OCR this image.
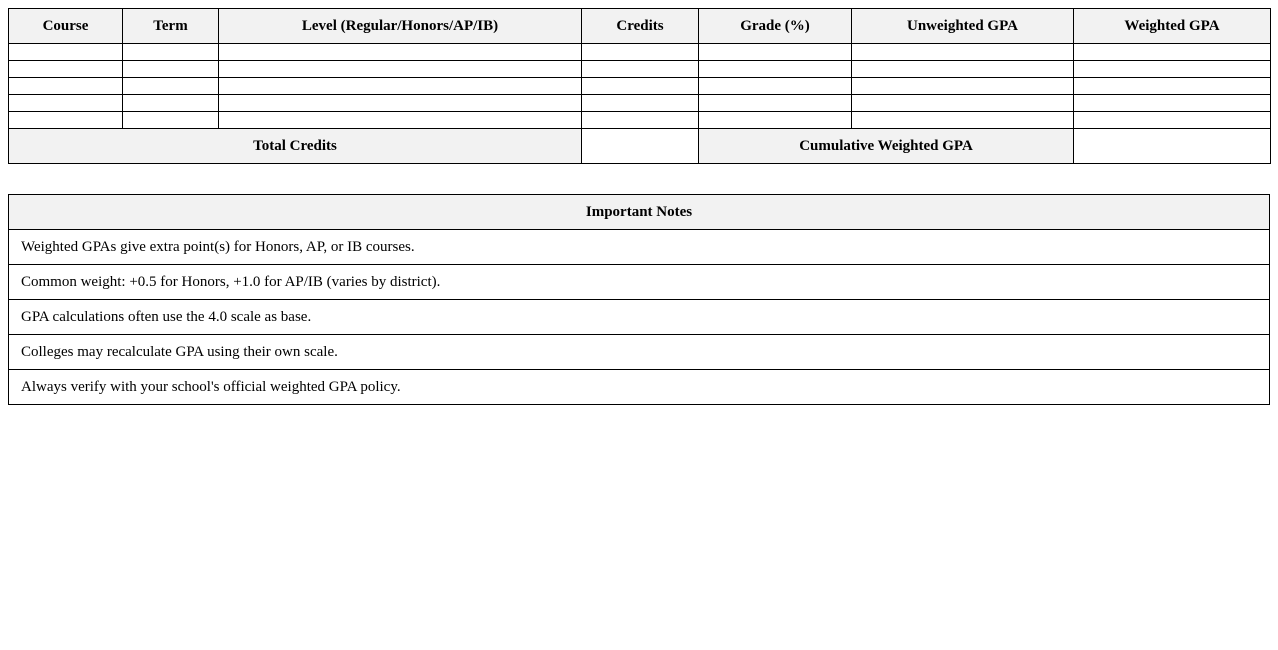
Course	Term	Level (Regular/Honors/AP/IB)	Credits	Grade (%)	Unweighted GPA	Weighted GPA

Total Credits				Cumulative Weighted GPA		
Important Notes
Weighted GPAs give extra point(s) for Honors, AP, or IB courses.
Common weight: +0.5 for Honors, +1.0 for AP/IB (varies by district).
GPA calculations often use the 4.0 scale as base.
Colleges may recalculate GPA using their own scale.
Always verify with your school's official weighted GPA policy.
